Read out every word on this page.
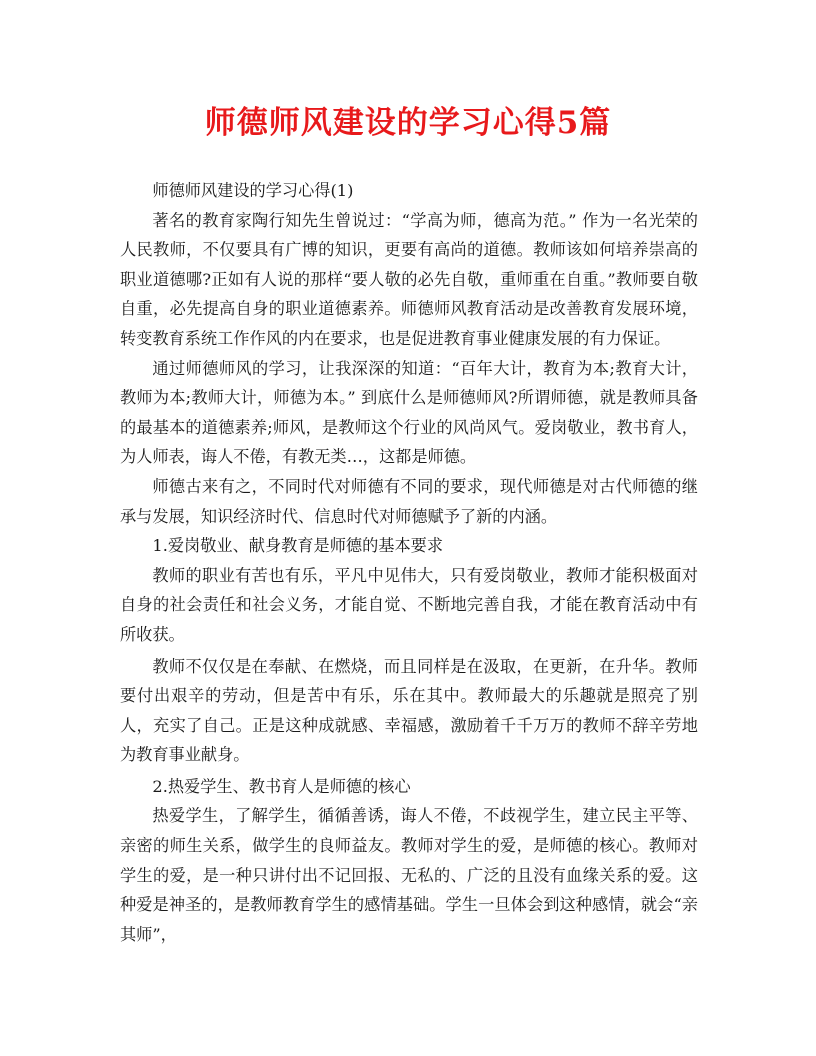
师德师风建设的学习心得5篇

师德师风建设的学习心得(1)

著名的教育家陶行知先生曾说过：“学高为师，德高为范。” 作为一名光荣的人民教师，不仅要具有广博的知识，更要有高尚的道德。教师该如何培养崇高的职业道德哪?正如有人说的那样“要人敬的必先自敬，重师重在自重。”教师要自敬自重，必先提高自身的职业道德素养。师德师风教育活动是改善教育发展环境，转变教育系统工作作风的内在要求，也是促进教育事业健康发展的有力保证。

通过师德师风的学习，让我深深的知道：“百年大计，教育为本;教育大计，教师为本;教师大计，师德为本。” 到底什么是师德师风?所谓师德，就是教师具备的最基本的道德素养;师风，是教师这个行业的风尚风气。爱岗敬业，教书育人，为人师表，诲人不倦，有教无类…，这都是师德。

师德古来有之，不同时代对师德有不同的要求，现代师德是对古代师德的继承与发展，知识经济时代、信息时代对师德赋予了新的内涵。

1.爱岗敬业、献身教育是师德的基本要求

教师的职业有苦也有乐，平凡中见伟大，只有爱岗敬业，教师才能积极面对自身的社会责任和社会义务，才能自觉、不断地完善自我，才能在教育活动中有所收获。

教师不仅仅是在奉献、在燃烧，而且同样是在汲取，在更新，在升华。教师要付出艰辛的劳动，但是苦中有乐，乐在其中。教师最大的乐趣就是照亮了别人，充实了自己。正是这种成就感、幸福感，激励着千千万万的教师不辞辛劳地为教育事业献身。

2.热爱学生、教书育人是师德的核心

热爱学生，了解学生，循循善诱，诲人不倦，不歧视学生，建立民主平等、亲密的师生关系，做学生的良师益友。教师对学生的爱，是师德的核心。教师对学生的爱，是一种只讲付出不记回报、无私的、广泛的且没有血缘关系的爱。这种爱是神圣的，是教师教育学生的感情基础。学生一旦体会到这种感情，就会“亲其师”，
